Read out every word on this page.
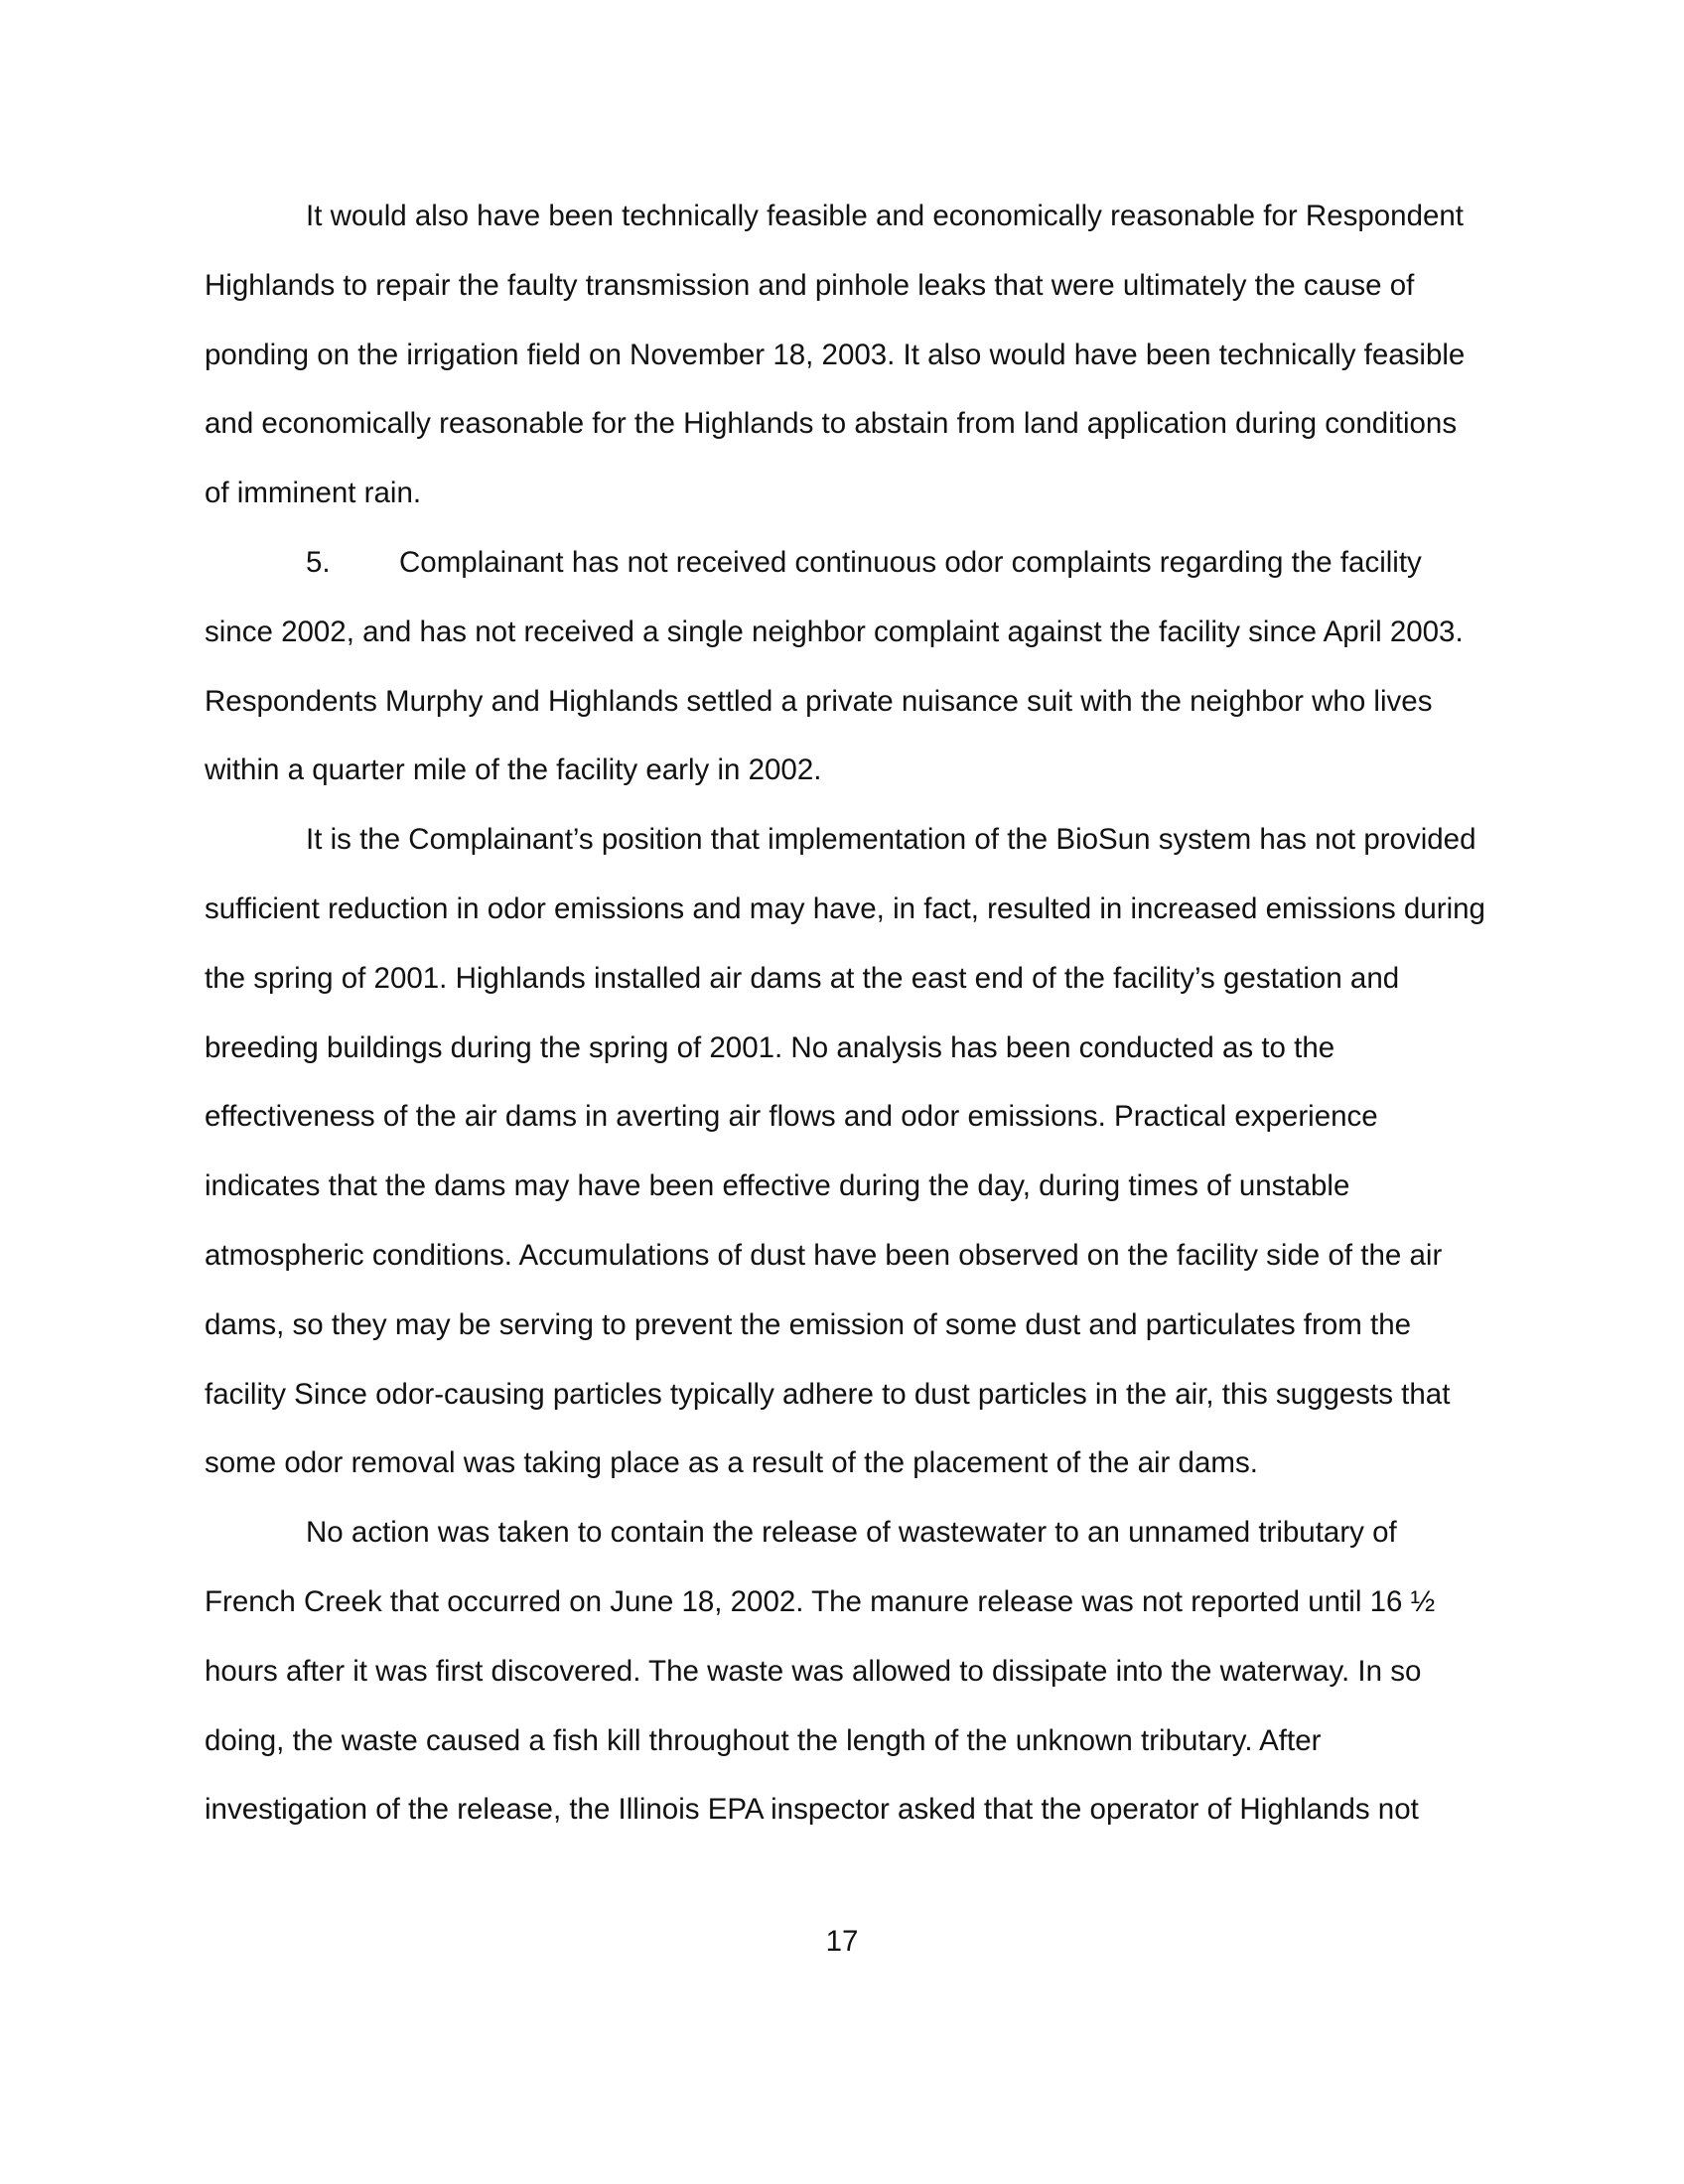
It would also have been technically feasible and economically reasonable for Respondent Highlands to repair the faulty transmission and pinhole leaks that were ultimately the cause of ponding on the irrigation field on November 18, 2003. It also would have been technically feasible and economically reasonable for the Highlands to abstain from land application during conditions of imminent rain.

5. Complainant has not received continuous odor complaints regarding the facility since 2002, and has not received a single neighbor complaint against the facility since April 2003. Respondents Murphy and Highlands settled a private nuisance suit with the neighbor who lives within a quarter mile of the facility early in 2002.

It is the Complainant’s position that implementation of the BioSun system has not provided sufficient reduction in odor emissions and may have, in fact, resulted in increased emissions during the spring of 2001. Highlands installed air dams at the east end of the facility’s gestation and breeding buildings during the spring of 2001. No analysis has been conducted as to the effectiveness of the air dams in averting air flows and odor emissions. Practical experience indicates that the dams may have been effective during the day, during times of unstable atmospheric conditions. Accumulations of dust have been observed on the facility side of the air dams, so they may be serving to prevent the emission of some dust and particulates from the facility Since odor-causing particles typically adhere to dust particles in the air, this suggests that some odor removal was taking place as a result of the placement of the air dams.

No action was taken to contain the release of wastewater to an unnamed tributary of French Creek that occurred on June 18, 2002. The manure release was not reported until 16 ½ hours after it was first discovered. The waste was allowed to dissipate into the waterway. In so doing, the waste caused a fish kill throughout the length of the unknown tributary. After investigation of the release, the Illinois EPA inspector asked that the operator of Highlands not

17
